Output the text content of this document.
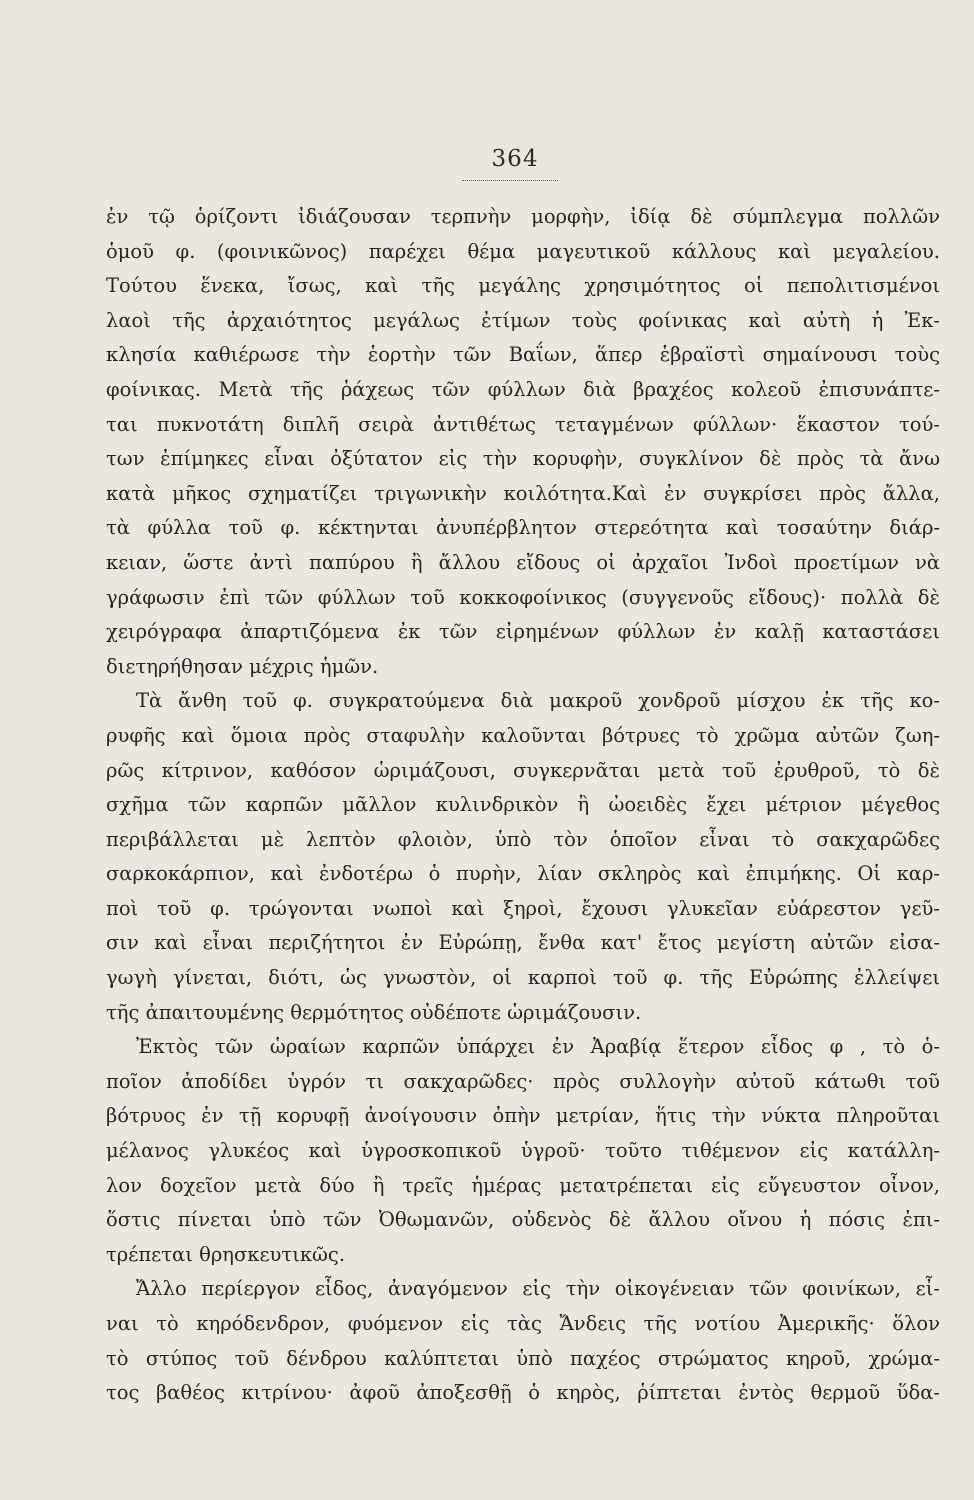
364
ἐν τῷ ὁρίζοντι ἰδιάζουσαν τερπνὴν μορφὴν, ἰδίᾳ δὲ σύμπλεγμα πολλῶν
ὁμοῦ φ. (φοινικῶνος) παρέχει θέμα μαγευτικοῦ κάλλους καὶ μεγαλείου.
Τούτου ἕνεκα, ἴσως, καὶ τῆς μεγάλης χρησιμότητος οἱ πεπολιτισμένοι
λαοὶ τῆς ἀρχαιότητος μεγάλως ἐτίμων τοὺς φοίνικας καὶ αὐτὴ ἡ Ἐκ-
κλησία καθιέρωσε τὴν ἑορτὴν τῶν Βαΐων, ἅπερ ἑβραϊστὶ σημαίνουσι τοὺς
φοίνικας. Μετὰ τῆς ῥάχεως τῶν φύλλων διὰ βραχέος κολεοῦ ἐπισυνάπτε-
ται πυκνοτάτη διπλῆ σειρὰ ἀντιθέτως τεταγμένων φύλλων· ἕκαστον τού-
των ἐπίμηκες εἶναι ὀξύτατον εἰς τὴν κορυφὴν, συγκλίνον δὲ πρὸς τὰ ἄνω
κατὰ μῆκος σχηματίζει τριγωνικὴν κοιλότητα.Καὶ ἐν συγκρίσει πρὸς ἄλλα,
τὰ φύλλα τοῦ φ. κέκτηνται ἀνυπέρβλητον στερεότητα καὶ τοσαύτην διάρ-
κειαν, ὥστε ἀντὶ παπύρου ἢ ἄλλου εἴδους οἱ ἀρχαῖοι Ἰνδοὶ προετίμων νὰ
γράφωσιν ἐπὶ τῶν φύλλων τοῦ κοκκοφοίνικος (συγγενοῦς εἴδους)· πολλὰ δὲ
χειρόγραφα ἀπαρτιζόμενα ἐκ τῶν εἰρημένων φύλλων ἐν καλῇ καταστάσει
διετηρήθησαν μέχρις ἡμῶν.
Τὰ ἄνθη τοῦ φ. συγκρατούμενα διὰ μακροῦ χονδροῦ μίσχου ἐκ τῆς κο-
ρυφῆς καὶ ὅμοια πρὸς σταφυλὴν καλοῦνται βότρυες τὸ χρῶμα αὐτῶν ζωη-
ρῶς κίτρινον, καθόσον ὡριμάζουσι, συγκερνᾶται μετὰ τοῦ ἐρυθροῦ, τὸ δὲ
σχῆμα τῶν καρπῶν μᾶλλον κυλινδρικὸν ἢ ὠοειδὲς ἔχει μέτριον μέγεθος
περιβάλλεται μὲ λεπτὸν φλοιὸν, ὑπὸ τὸν ὁποῖον εἶναι τὸ σακχαρῶδες
σαρκοκάρπιον, καὶ ἐνδοτέρω ὁ πυρὴν, λίαν σκληρὸς καὶ ἐπιμήκης. Οἱ καρ-
ποὶ τοῦ φ. τρώγονται νωποὶ καὶ ξηροὶ, ἔχουσι γλυκεῖαν εὐάρεστον γεῦ-
σιν καὶ εἶναι περιζήτητοι ἐν Εὐρώπῃ, ἔνθα κατ' ἔτος μεγίστη αὐτῶν εἰσα-
γωγὴ γίνεται, διότι, ὡς γνωστὸν, οἱ καρποὶ τοῦ φ. τῆς Εὐρώπης ἐλλείψει
τῆς ἀπαιτουμένης θερμότητος οὐδέποτε ὡριμάζουσιν.
Ἐκτὸς τῶν ὡραίων καρπῶν ὑπάρχει ἐν Ἀραβίᾳ ἕτερον εἶδος φ , τὸ ὁ-
ποῖον ἀποδίδει ὑγρόν τι σακχαρῶδες· πρὸς συλλογὴν αὐτοῦ κάτωθι τοῦ
βότρυος ἐν τῇ κορυφῇ ἀνοίγουσιν ὀπὴν μετρίαν, ἥτις τὴν νύκτα πληροῦται
μέλανος γλυκέος καὶ ὑγροσκοπικοῦ ὑγροῦ· τοῦτο τιθέμενον εἰς κατάλλη-
λον δοχεῖον μετὰ δύο ἢ τρεῖς ἡμέρας μετατρέπεται εἰς εὔγευστον οἶνον,
ὅστις πίνεται ὑπὸ τῶν Ὀθωμανῶν, οὐδενὸς δὲ ἄλλου οἴνου ἡ πόσις ἐπι-
τρέπεται θρησκευτικῶς.
Ἄλλο περίεργον εἶδος, ἀναγόμενον εἰς τὴν οἰκογένειαν τῶν φοινίκων, εἶ-
ναι τὸ κηρόδενδρον, φυόμενον εἰς τὰς Ἄνδεις τῆς νοτίου Ἀμερικῆς· ὅλον
τὸ στύπος τοῦ δένδρου καλύπτεται ὑπὸ παχέος στρώματος κηροῦ, χρώμα-
τος βαθέος κιτρίνου· ἀφοῦ ἀποξεσθῇ ὁ κηρὸς, ῥίπτεται ἐντὸς θερμοῦ ὕδα-
